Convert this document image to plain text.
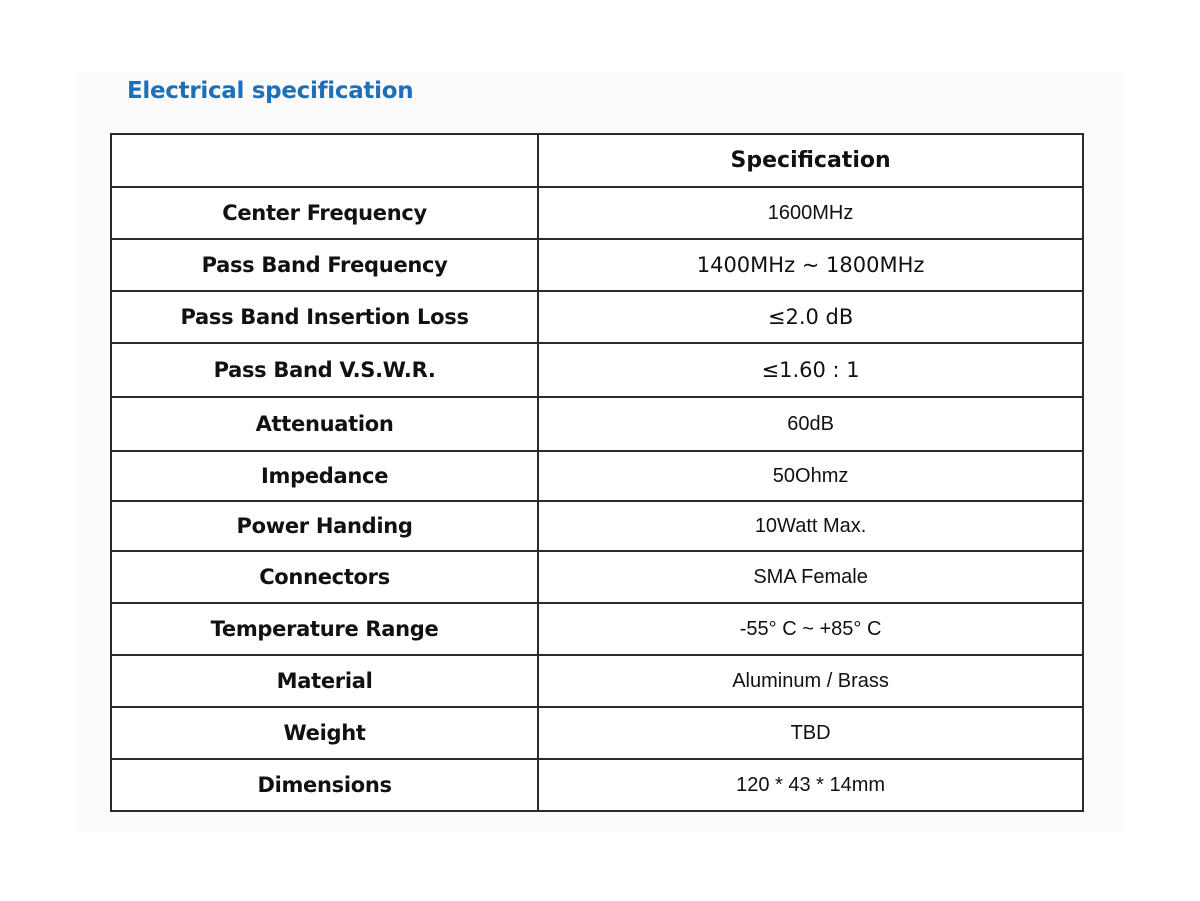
Electrical specification
	Specification
Center Frequency	1600MHz
Pass Band Frequency	1400MHz ~ 1800MHz
Pass Band Insertion Loss	≤2.0 dB
Pass Band V.S.W.R.	≤1.60 : 1
Attenuation	60dB
Impedance	50Ohmz
Power Handing	10Watt Max.
Connectors	SMA Female
Temperature Range	-55° C ~ +85° C
Material	Aluminum / Brass
Weight	TBD
Dimensions	120 * 43 * 14mm
